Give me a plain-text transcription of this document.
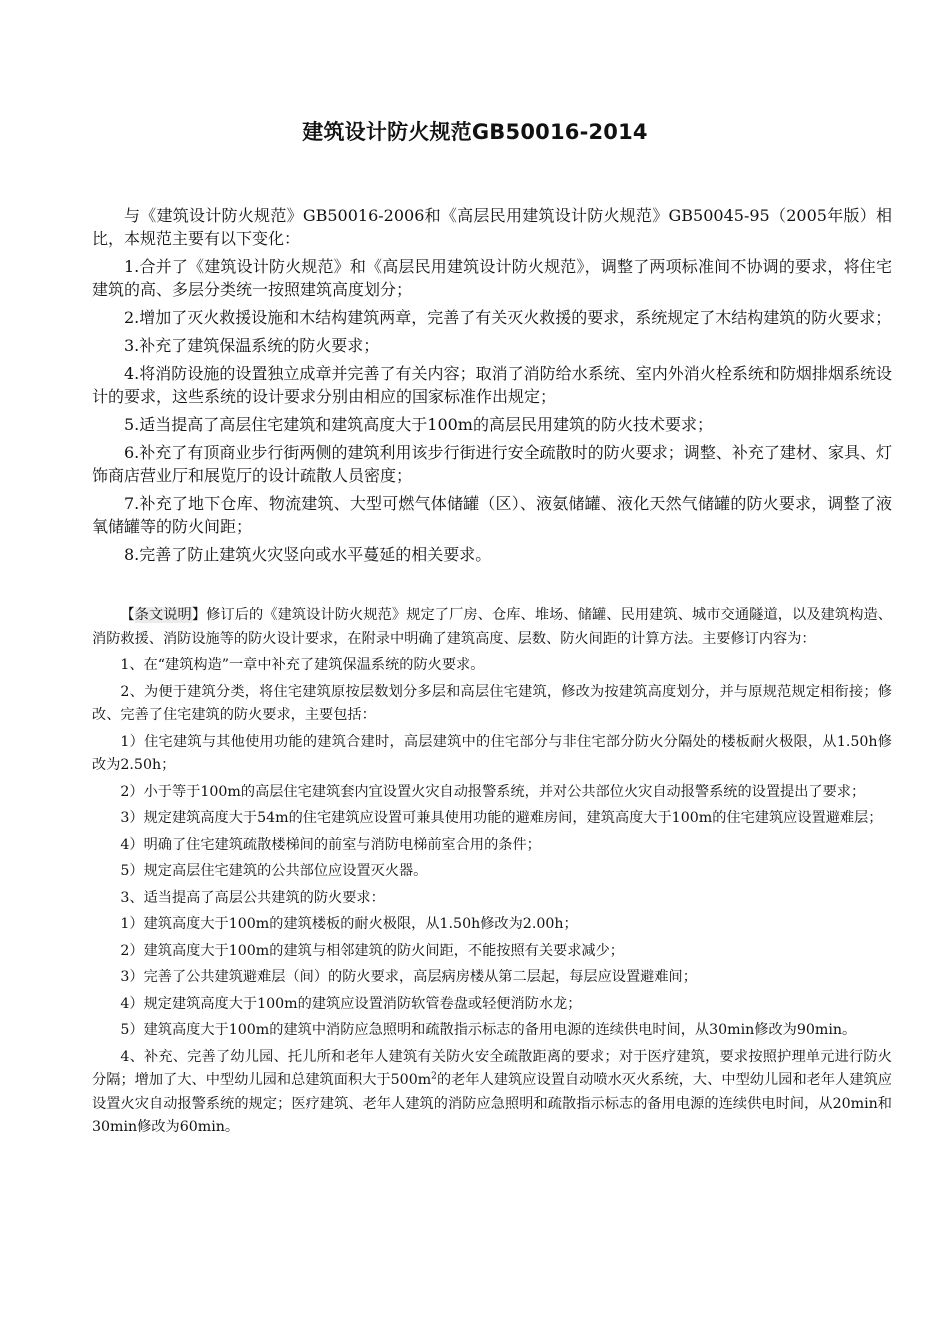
建筑设计防火规范GB50016-2014

与《建筑设计防火规范》GB50016-2006和《高层民用建筑设计防火规范》GB50045-95（2005年版）相比，本规范主要有以下变化：

1.合并了《建筑设计防火规范》和《高层民用建筑设计防火规范》，调整了两项标准间不协调的要求，将住宅建筑的高、多层分类统一按照建筑高度划分；

2.增加了灭火救援设施和木结构建筑两章，完善了有关灭火救援的要求，系统规定了木结构建筑的防火要求；

3.补充了建筑保温系统的防火要求；

4.将消防设施的设置独立成章并完善了有关内容；取消了消防给水系统、室内外消火栓系统和防烟排烟系统设计的要求，这些系统的设计要求分别由相应的国家标准作出规定；

5.适当提高了高层住宅建筑和建筑高度大于100m的高层民用建筑的防火技术要求；

6.补充了有顶商业步行街两侧的建筑利用该步行街进行安全疏散时的防火要求；调整、补充了建材、家具、灯饰商店营业厅和展览厅的设计疏散人员密度；

7.补充了地下仓库、物流建筑、大型可燃气体储罐（区）、液氨储罐、液化天然气储罐的防火要求，调整了液氧储罐等的防火间距；

8.完善了防止建筑火灾竖向或水平蔓延的相关要求。

【条文说明】修订后的《建筑设计防火规范》规定了厂房、仓库、堆场、储罐、民用建筑、城市交通隧道，以及建筑构造、消防救援、消防设施等的防火设计要求，在附录中明确了建筑高度、层数、防火间距的计算方法。主要修订内容为：

1、在“建筑构造”一章中补充了建筑保温系统的防火要求。

2、为便于建筑分类，将住宅建筑原按层数划分多层和高层住宅建筑，修改为按建筑高度划分，并与原规范规定相衔接；修改、完善了住宅建筑的防火要求，主要包括：

1）住宅建筑与其他使用功能的建筑合建时，高层建筑中的住宅部分与非住宅部分防火分隔处的楼板耐火极限，从1.50h修改为2.50h；

2）小于等于100m的高层住宅建筑套内宜设置火灾自动报警系统，并对公共部位火灾自动报警系统的设置提出了要求；

3）规定建筑高度大于54m的住宅建筑应设置可兼具使用功能的避难房间，建筑高度大于100m的住宅建筑应设置避难层；

4）明确了住宅建筑疏散楼梯间的前室与消防电梯前室合用的条件；

5）规定高层住宅建筑的公共部位应设置灭火器。

3、适当提高了高层公共建筑的防火要求：

1）建筑高度大于100m的建筑楼板的耐火极限，从1.50h修改为2.00h；

2）建筑高度大于100m的建筑与相邻建筑的防火间距，不能按照有关要求减少；

3）完善了公共建筑避难层（间）的防火要求，高层病房楼从第二层起，每层应设置避难间；

4）规定建筑高度大于100m的建筑应设置消防软管卷盘或轻便消防水龙；

5）建筑高度大于100m的建筑中消防应急照明和疏散指示标志的备用电源的连续供电时间，从30min修改为90min。

4、补充、完善了幼儿园、托儿所和老年人建筑有关防火安全疏散距离的要求；对于医疗建筑，要求按照护理单元进行防火分隔；增加了大、中型幼儿园和总建筑面积大于$500m^2$的老年人建筑应设置自动喷水灭火系统，大、中型幼儿园和老年人建筑应设置火灾自动报警系统的规定；医疗建筑、老年人建筑的消防应急照明和疏散指示标志的备用电源的连续供电时间，从20min和30min修改为60min。
